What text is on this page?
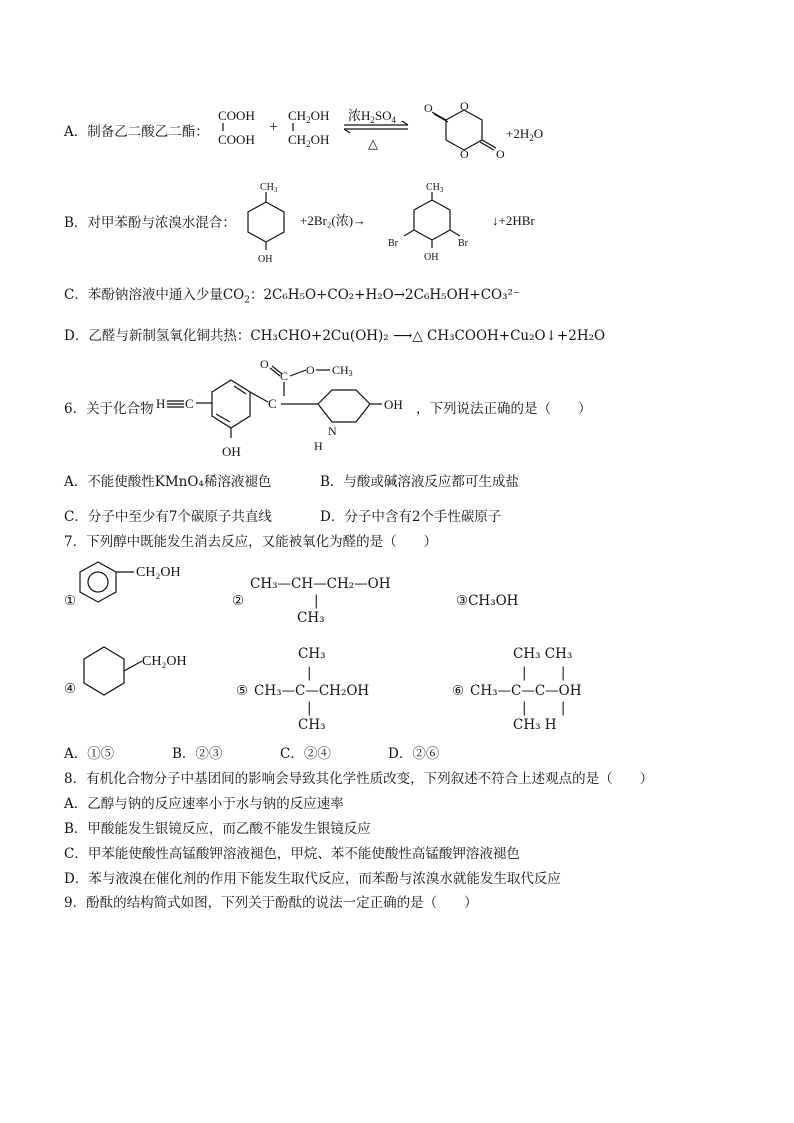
A．制备乙二酸乙二酯：
COOH
COOH
+
$CH_2OH$
$CH_2OH$
浓$H_2SO_4$
△
O O
O O
$+2H_2O$
B．对甲苯酚与浓溴水混合：
$CH_3$
OH
+2Br₂(浓)→
$CH_3$
Br	Br
OH
↓+2HBr
C．苯酚钠溶液中通入少量$CO_2$：2C₆H₅O+CO₂+H₂O→2C₆H₅OH+CO₃²⁻
D．乙醛与新制氢氧化铜共热：CH₃CHO+2Cu(OH)₂ ⟶△ CH₃COOH+Cu₂O↓+2H₂O
6．关于化合物 H C
OH
C
C
O	O CH3
OH
N
H
，下列说法正确的是（　　）
A．不能使酸性KMnO₄稀溶液褪色	B．与酸或碱溶液反应都可生成盐
C．分子中至少有7个碳原子共直线	D．分子中含有2个手性碳原子
7．下列醇中既能发生消去反应，又能被氧化为醛的是（　　）
①
CH₂OH
②
CH₃—CH—CH₂—OH
|
CH₃
③CH₃OH
④
CH₂OH	CH₃
|
⑤ CH₃—C—CH₂OH
|
CH₃
CH₃ CH₃
|        |
⑥ CH₃—C—C—OH
|        |
CH₃ H
A．①⑤	B．②③	C．②④	D．②⑥
8．有机化合物分子中基团间的影响会导致其化学性质改变，下列叙述不符合上述观点的是（　　）
A．乙醇与钠的反应速率小于水与钠的反应速率
B．甲酸能发生银镜反应，而乙酸不能发生银镜反应
C．甲苯能使酸性高锰酸钾溶液褪色，甲烷、苯不能使酸性高锰酸钾溶液褪色
D．苯与液溴在催化剂的作用下能发生取代反应，而苯酚与浓溴水就能发生取代反应
9．酚酞的结构简式如图，下列关于酚酞的说法一定正确的是（　　）
